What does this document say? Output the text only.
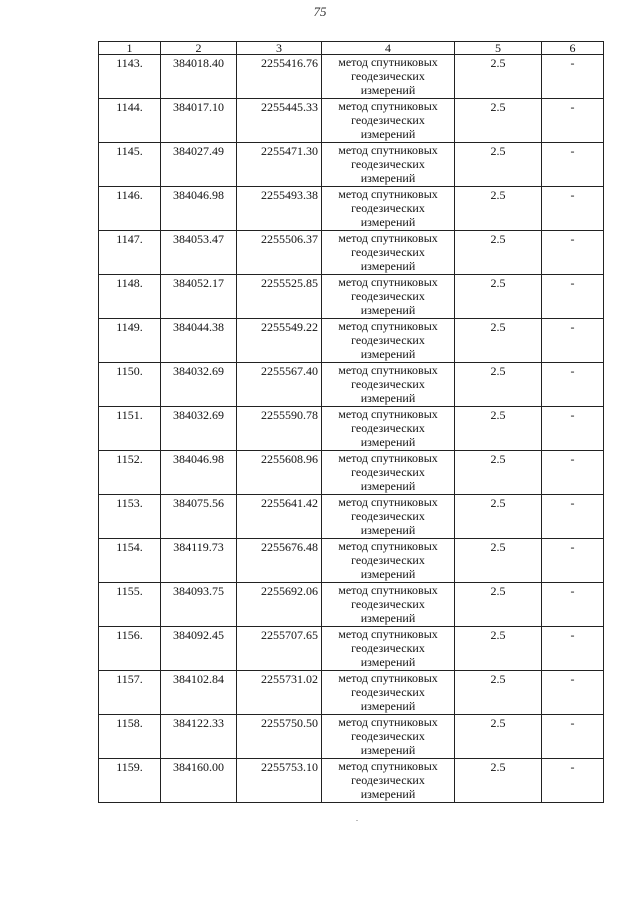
75
1	2	3	4	5	6
1143.	384018.40	2255416.76	метод спутниковых
геодезических
измерений	2.5	-
1144.	384017.10	2255445.33	метод спутниковых
геодезических
измерений	2.5	-
1145.	384027.49	2255471.30	метод спутниковых
геодезических
измерений	2.5	-
1146.	384046.98	2255493.38	метод спутниковых
геодезических
измерений	2.5	-
1147.	384053.47	2255506.37	метод спутниковых
геодезических
измерений	2.5	-
1148.	384052.17	2255525.85	метод спутниковых
геодезических
измерений	2.5	-
1149.	384044.38	2255549.22	метод спутниковых
геодезических
измерений	2.5	-
1150.	384032.69	2255567.40	метод спутниковых
геодезических
измерений	2.5	-
1151.	384032.69	2255590.78	метод спутниковых
геодезических
измерений	2.5	-
1152.	384046.98	2255608.96	метод спутниковых
геодезических
измерений	2.5	-
1153.	384075.56	2255641.42	метод спутниковых
геодезических
измерений	2.5	-
1154.	384119.73	2255676.48	метод спутниковых
геодезических
измерений	2.5	-
1155.	384093.75	2255692.06	метод спутниковых
геодезических
измерений	2.5	-
1156.	384092.45	2255707.65	метод спутниковых
геодезических
измерений	2.5	-
1157.	384102.84	2255731.02	метод спутниковых
геодезических
измерений	2.5	-
1158.	384122.33	2255750.50	метод спутниковых
геодезических
измерений	2.5	-
1159.	384160.00	2255753.10	метод спутниковых
геодезических
измерений	2.5	-
